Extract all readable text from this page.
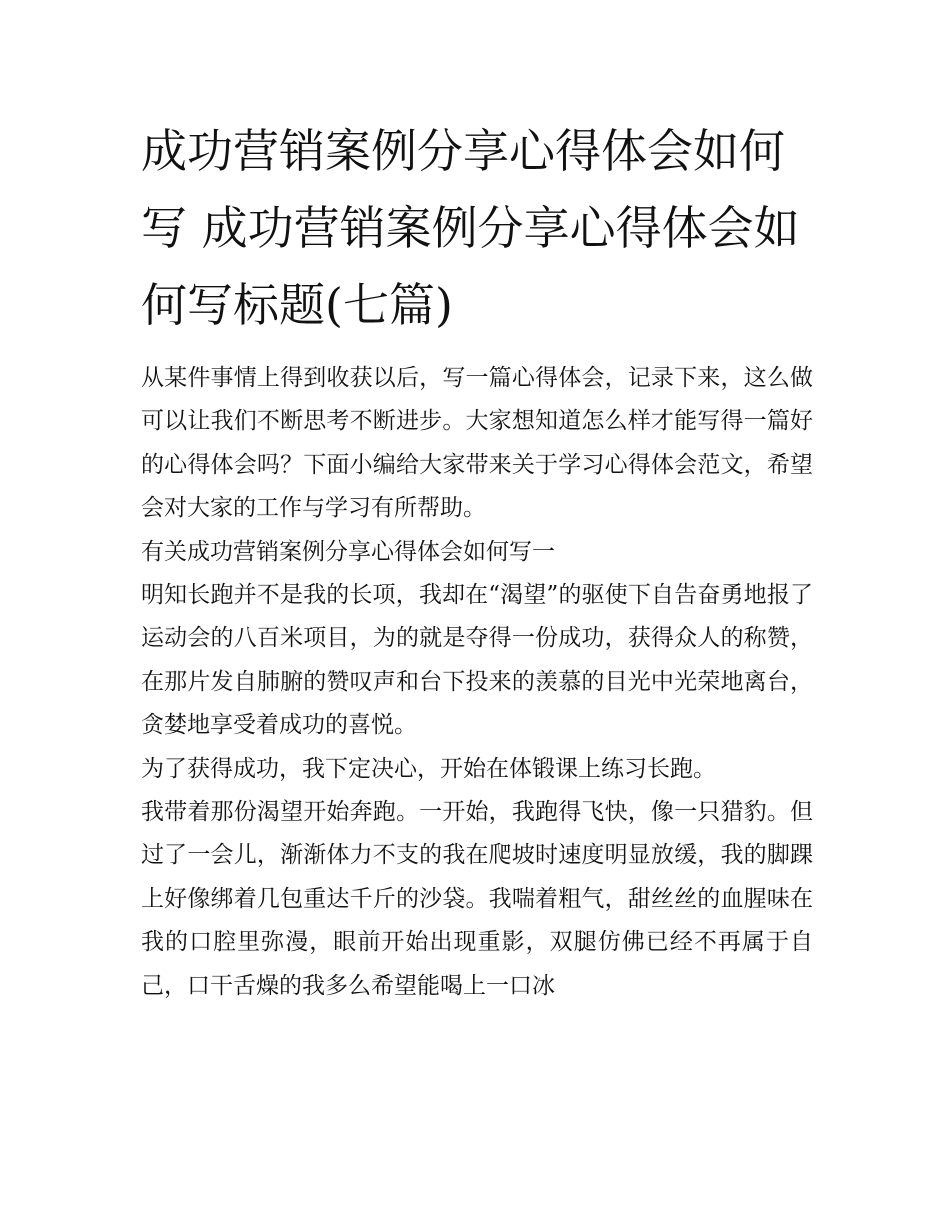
成功营销案例分享心得体会如何写 成功营销案例分享心得体会如何写标题(七篇)

从某件事情上得到收获以后，写一篇心得体会，记录下来，这么做可以让我们不断思考不断进步。大家想知道怎么样才能写得一篇好的心得体会吗？下面小编给大家带来关于学习心得体会范文，希望会对大家的工作与学习有所帮助。

有关成功营销案例分享心得体会如何写一

明知长跑并不是我的长项，我却在“渴望”的驱使下自告奋勇地报了运动会的八百米项目，为的就是夺得一份成功，获得众人的称赞，在那片发自肺腑的赞叹声和台下投来的羡慕的目光中光荣地离台，贪婪地享受着成功的喜悦。

为了获得成功，我下定决心，开始在体锻课上练习长跑。

我带着那份渴望开始奔跑。一开始，我跑得飞快，像一只猎豹。但过了一会儿，渐渐体力不支的我在爬坡时速度明显放缓，我的脚踝上好像绑着几包重达千斤的沙袋。我喘着粗气，甜丝丝的血腥味在我的口腔里弥漫，眼前开始出现重影，双腿仿佛已经不再属于自己，口干舌燥的我多么希望能喝上一口冰
